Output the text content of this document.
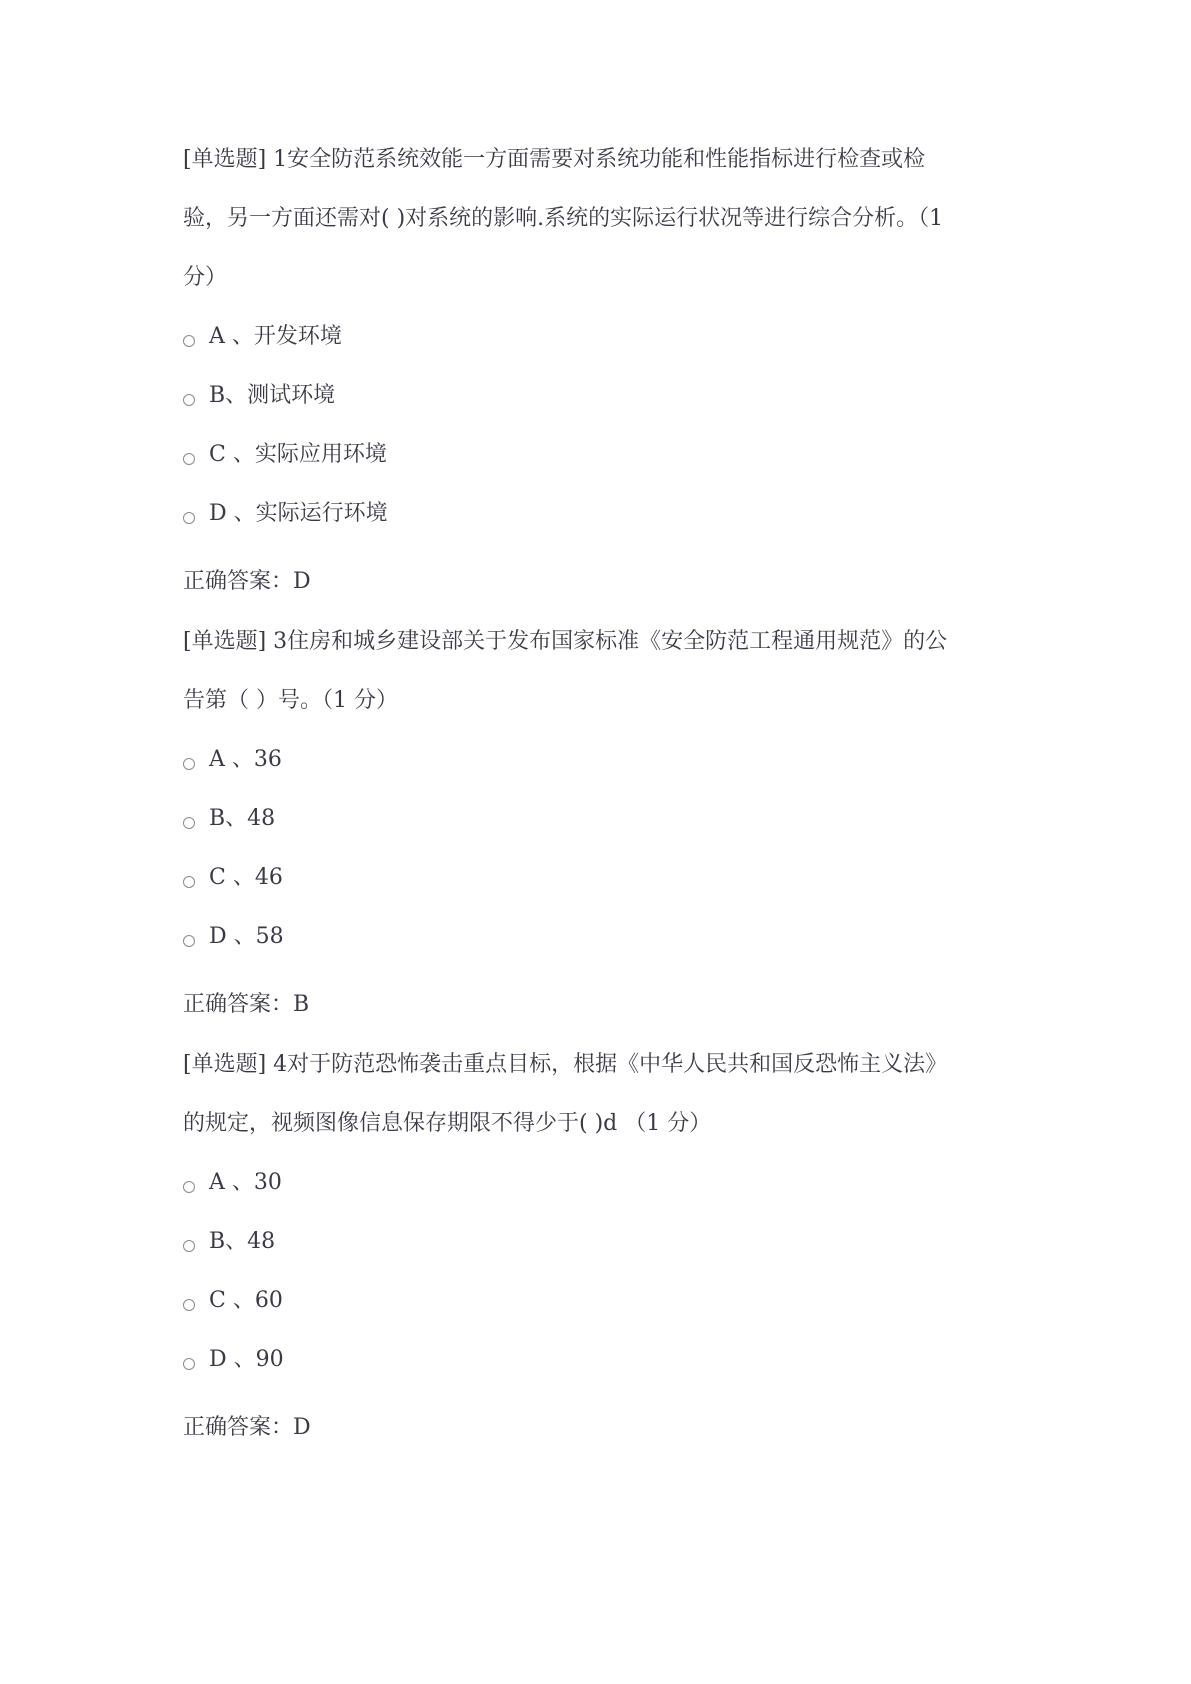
[单选题] 1安全防范系统效能一方面需要对系统功能和性能指标进行检查或检
验，另一方面还需对( )对系统的影响.系统的实际运行状况等进行综合分析。（1
分）
A 、开发环境
B、测试环境
C 、实际应用环境
D 、实际运行环境
正确答案：D
[单选题] 3住房和城乡建设部关于发布国家标准《安全防范工程通用规范》的公
告第（ ）号。（1 分）
A 、36
B、48
C 、46
D 、58
正确答案：B
[单选题] 4对于防范恐怖袭击重点目标，根据《中华人民共和国反恐怖主义法》
的规定，视频图像信息保存期限不得少于( )d （1 分）
A 、30
B、48
C 、60
D 、90
正确答案：D
